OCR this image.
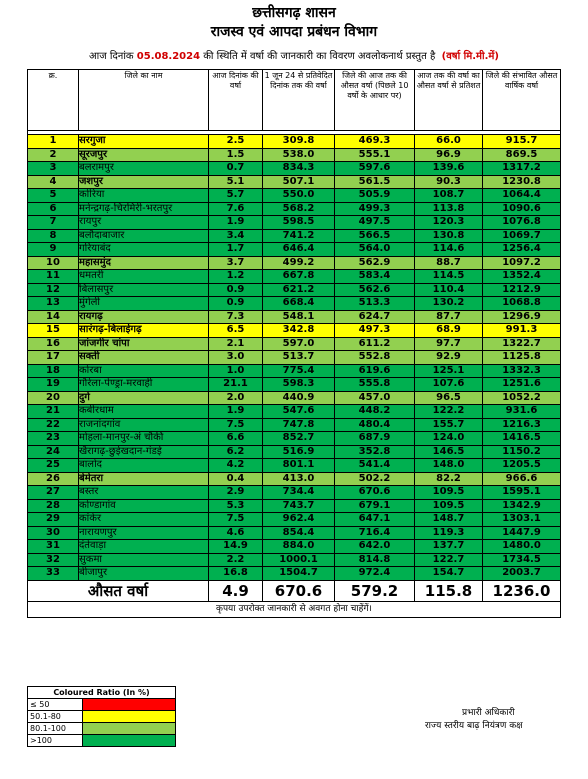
छत्तीसगढ़ शासन
राजस्व एवं आपदा प्रबंधन विभाग
आज दिनांक 05.08.2024 की स्थिति में वर्षा की जानकारी का विवरण अवलोकनार्थ प्रस्तुत है (वर्षा मि.मी.में)
क्र.	जिले का नाम	आज दिनांक की वर्षा	1 जून 24 से प्रतिवेदित दिनांक तक की वर्षा	जिले की आज तक की औसत वर्षा (पिछले 10 वर्षो के आधार पर)	आज तक की वर्षा का औसत वर्षा से प्रतिशत	जिले की संभावित औसत वार्षिक वर्षा

1	सरगुजा	2.5	309.8	469.3	66.0	915.7
2	सूरजपुर	1.5	538.0	555.1	96.9	869.5
3	बलरामपुर	0.7	834.3	597.6	139.6	1317.2
4	जशपुर	5.1	507.1	561.5	90.3	1230.8
5	कोरिया	5.7	550.0	505.9	108.7	1064.4
6	मनेन्द्रगढ़-चिरमिरी-भरतपुर	7.6	568.2	499.3	113.8	1090.6
7	रायपुर	1.9	598.5	497.5	120.3	1076.8
8	बलौदाबाजार	3.4	741.2	566.5	130.8	1069.7
9	गरियाबंद	1.7	646.4	564.0	114.6	1256.4
10	महासमुंद	3.7	499.2	562.9	88.7	1097.2
11	धमतरी	1.2	667.8	583.4	114.5	1352.4
12	बिलासपुर	0.9	621.2	562.6	110.4	1212.9
13	मुंगेली	0.9	668.4	513.3	130.2	1068.8
14	रायगढ़	7.3	548.1	624.7	87.7	1296.9
15	सारंगढ़-बिलाईगढ़	6.5	342.8	497.3	68.9	991.3
16	जांजगीर चांपा	2.1	597.0	611.2	97.7	1322.7
17	सक्ती	3.0	513.7	552.8	92.9	1125.8
18	कोरबा	1.0	775.4	619.6	125.1	1332.3
19	गौरेला-पेण्ड्रा-मरवाही	21.1	598.3	555.8	107.6	1251.6
20	दुर्ग	2.0	440.9	457.0	96.5	1052.2
21	कबीरधाम	1.9	547.6	448.2	122.2	931.6
22	राजनांदगांव	7.5	747.8	480.4	155.7	1216.3
23	मोहला-मानपुर-अं चौकी	6.6	852.7	687.9	124.0	1416.5
24	खैरागढ़-छुईखदान-गंडई	6.2	516.9	352.8	146.5	1150.2
25	बालोद	4.2	801.1	541.4	148.0	1205.5
26	बेमेतरा	0.4	413.0	502.2	82.2	966.6
27	बस्तर	2.9	734.4	670.6	109.5	1595.1
28	कोण्डागांव	5.3	743.7	679.1	109.5	1342.9
29	कांकेर	7.5	962.4	647.1	148.7	1303.1
30	नारायणपुर	4.6	854.4	716.4	119.3	1447.9
31	दंतेवाड़ा	14.9	884.0	642.0	137.7	1480.0
32	सुकमा	2.2	1000.1	814.8	122.7	1734.5
33	बीजापुर	16.8	1504.7	972.4	154.7	2003.7
औसत वर्षा		4.9	670.6	579.2	115.8	1236.0
कृपया उपरोक्त जानकारी से अवगत होना चाहेंगें।						
Coloured Ratio (In %)	
≤ 50	
50.1-80	
80.1-100	
>100	
प्रभारी अधिकारी
राज्य स्तरीय बाढ़ नियंत्रण कक्ष
